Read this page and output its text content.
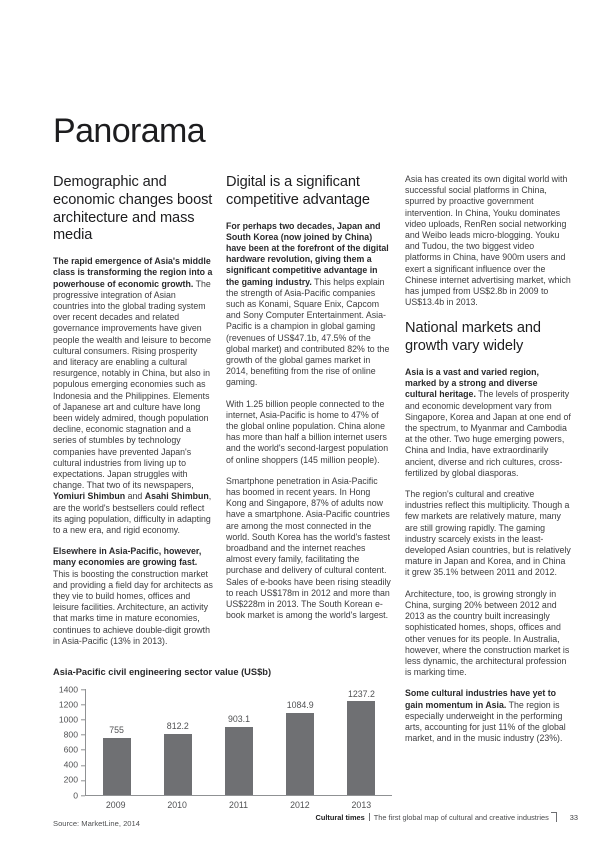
Panorama
Demographic and economic changes boost architecture and mass media

The rapid emergence of Asia's middle class is transforming the region into a powerhouse of economic growth. The progressive integration of Asian countries into the global trading system over recent decades and related governance improvements have given people the wealth and leisure to become cultural consumers. Rising prosperity and literacy are enabling a cultural resurgence, notably in China, but also in populous emerging economies such as Indonesia and the Philippines. Elements of Japanese art and culture have long been widely admired, though population decline, economic stagnation and a series of stumbles by technology companies have prevented Japan's cultural industries from living up to expectations. Japan struggles with change. That two of its newspapers, Yomiuri Shimbun and Asahi Shimbun, are the world's bestsellers could reflect its aging population, difficulty in adapting to a new era, and rigid economy.

Elsewhere in Asia-Pacific, however, many economies are growing fast. This is boosting the construction market and providing a field day for architects as they vie to build homes, offices and leisure facilities. Architecture, an activity that marks time in mature economies, continues to achieve double-digit growth in Asia-Pacific (13% in 2013).

Digital is a significant competitive advantage

For perhaps two decades, Japan and South Korea (now joined by China) have been at the forefront of the digital hardware revolution, giving them a significant competitive advantage in the gaming industry. This helps explain the strength of Asia-Pacific companies such as Konami, Square Enix, Capcom and Sony Computer Entertainment. Asia-Pacific is a champion in global gaming (revenues of US$47.1b, 47.5% of the global market) and contributed 82% to the growth of the global games market in 2014, benefiting from the rise of online gaming.

With 1.25 billion people connected to the internet, Asia-Pacific is home to 47% of the global online population. China alone has more than half a billion internet users and the world's second-largest population of online shoppers (145 million people).

Smartphone penetration in Asia-Pacific has boomed in recent years. In Hong Kong and Singapore, 87% of adults now have a smartphone. Asia-Pacific countries are among the most connected in the world. South Korea has the world's fastest broadband and the internet reaches almost every family, facilitating the purchase and delivery of cultural content. Sales of e-books have been rising steadily to reach US$178m in 2012 and more than US$228m in 2013. The South Korean e-book market is among the world's largest.

Asia has created its own digital world with successful social platforms in China, spurred by proactive government intervention. In China, Youku dominates video uploads, RenRen social networking and Weibo leads micro-blogging. Youku and Tudou, the two biggest video platforms in China, have 900m users and exert a significant influence over the Chinese internet advertising market, which has jumped from US$2.8b in 2009 to US$13.4b in 2013.

National markets and growth vary widely

Asia is a vast and varied region, marked by a strong and diverse cultural heritage. The levels of prosperity and economic development vary from Singapore, Korea and Japan at one end of the spectrum, to Myanmar and Cambodia at the other. Two huge emerging powers, China and India, have extraordinarily ancient, diverse and rich cultures, cross-fertilized by global diasporas.

The region's cultural and creative industries reflect this multiplicity. Though a few markets are relatively mature, many are still growing rapidly. The gaming industry scarcely exists in the least-developed Asian countries, but is relatively mature in Japan and Korea, and in China it grew 35.1% between 2011 and 2012.

Architecture, too, is growing strongly in China, surging 20% between 2012 and 2013 as the country built increasingly sophisticated homes, shops, offices and other venues for its people. In Australia, however, where the construction market is less dynamic, the architectural profession is marking time.

Some cultural industries have yet to gain momentum in Asia. The region is especially underweight in the performing arts, accounting for just 11% of the global market, and in the music industry (23%).

Asia-Pacific civil engineering sector value (US$b)
0
200
400
600
800
1000
1200
1400
755	812.2
903.1
1084.9
1237.2
2009	2010	2011	2012	2013
Source: MarketLine, 2014
Cultural times The first global map of cultural and creative industries	33
